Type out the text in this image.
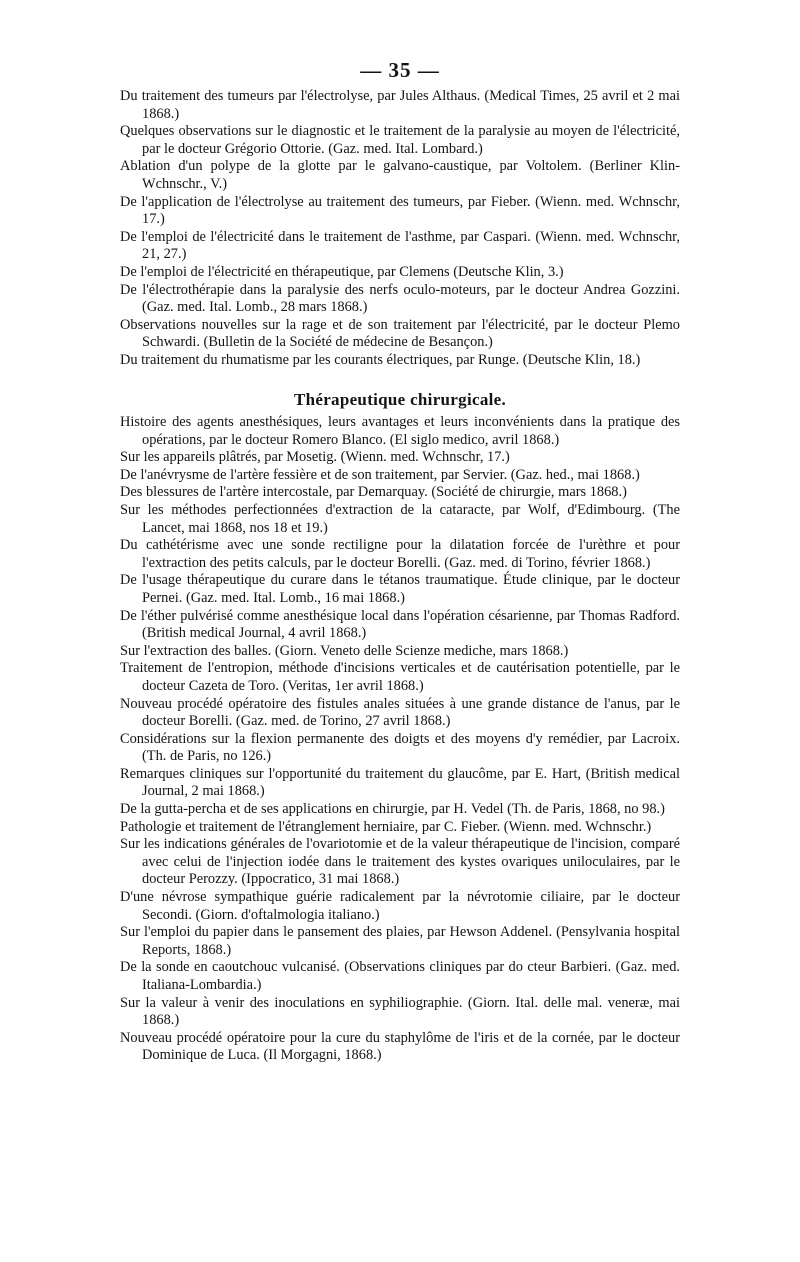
— 35 —

Du traitement des tumeurs par l'électrolyse, par Jules Althaus. (Medical Times, 25 avril et 2 mai 1868.)

Quelques observations sur le diagnostic et le traitement de la paralysie au moyen de l'électricité, par le docteur Grégorio Ottorie. (Gaz. med. Ital. Lombard.)

Ablation d'un polype de la glotte par le galvano-caustique, par Voltolem. (Berliner Klin-Wchnschr., V.)

De l'application de l'électrolyse au traitement des tumeurs, par Fieber. (Wienn. med. Wchnschr, 17.)

De l'emploi de l'électricité dans le traitement de l'asthme, par Caspari. (Wienn. med. Wchnschr, 21, 27.)

De l'emploi de l'électricité en thérapeutique, par Clemens (Deutsche Klin, 3.)

De l'électrothérapie dans la paralysie des nerfs oculo-moteurs, par le docteur Andrea Gozzini. (Gaz. med. Ital. Lomb., 28 mars 1868.)

Observations nouvelles sur la rage et de son traitement par l'électricité, par le docteur Plemo Schwardi. (Bulletin de la Société de médecine de Besançon.)

Du traitement du rhumatisme par les courants électriques, par Runge. (Deutsche Klin, 18.)

Thérapeutique chirurgicale.

Histoire des agents anesthésiques, leurs avantages et leurs inconvénients dans la pratique des opérations, par le docteur Romero Blanco. (El siglo medico, avril 1868.)

Sur les appareils plâtrés, par Mosetig. (Wienn. med. Wchnschr, 17.)

De l'anévrysme de l'artère fessière et de son traitement, par Servier. (Gaz. hed., mai 1868.)

Des blessures de l'artère intercostale, par Demarquay. (Société de chirurgie, mars 1868.)

Sur les méthodes perfectionnées d'extraction de la cataracte, par Wolf, d'Edimbourg. (The Lancet, mai 1868, nos 18 et 19.)

Du cathétérisme avec une sonde rectiligne pour la dilatation forcée de l'urèthre et pour l'extraction des petits calculs, par le docteur Borelli. (Gaz. med. di Torino, février 1868.)

De l'usage thérapeutique du curare dans le tétanos traumatique. Étude clinique, par le docteur Pernei. (Gaz. med. Ital. Lomb., 16 mai 1868.)

De l'éther pulvérisé comme anesthésique local dans l'opération césarienne, par Thomas Radford. (British medical Journal, 4 avril 1868.)

Sur l'extraction des balles. (Giorn. Veneto delle Scienze mediche, mars 1868.)

Traitement de l'entropion, méthode d'incisions verticales et de cautérisation potentielle, par le docteur Cazeta de Toro. (Veritas, 1er avril 1868.)

Nouveau procédé opératoire des fistules anales situées à une grande distance de l'anus, par le docteur Borelli. (Gaz. med. de Torino, 27 avril 1868.)

Considérations sur la flexion permanente des doigts et des moyens d'y remédier, par Lacroix. (Th. de Paris, no 126.)

Remarques cliniques sur l'opportunité du traitement du glaucôme, par E. Hart, (British medical Journal, 2 mai 1868.)

De la gutta-percha et de ses applications en chirurgie, par H. Vedel (Th. de Paris, 1868, no 98.)

Pathologie et traitement de l'étranglement herniaire, par C. Fieber. (Wienn. med. Wchnschr.)

Sur les indications générales de l'ovariotomie et de la valeur thérapeutique de l'incision, comparé avec celui de l'injection iodée dans le traitement des kystes ovariques uniloculaires, par le docteur Perozzy. (Ippocratico, 31 mai 1868.)

D'une névrose sympathique guérie radicalement par la névrotomie ciliaire, par le docteur Secondi. (Giorn. d'oftalmologia italiano.)

Sur l'emploi du papier dans le pansement des plaies, par Hewson Addenel. (Pensylvania hospital Reports, 1868.)

De la sonde en caoutchouc vulcanisé. (Observations cliniques par do cteur Barbieri. (Gaz. med. Italiana-Lombardia.)

Sur la valeur à venir des inoculations en syphiliographie. (Giorn. Ital. delle mal. veneræ, mai 1868.)

Nouveau procédé opératoire pour la cure du staphylôme de l'iris et de la cornée, par le docteur Dominique de Luca. (Il Morgagni, 1868.)
